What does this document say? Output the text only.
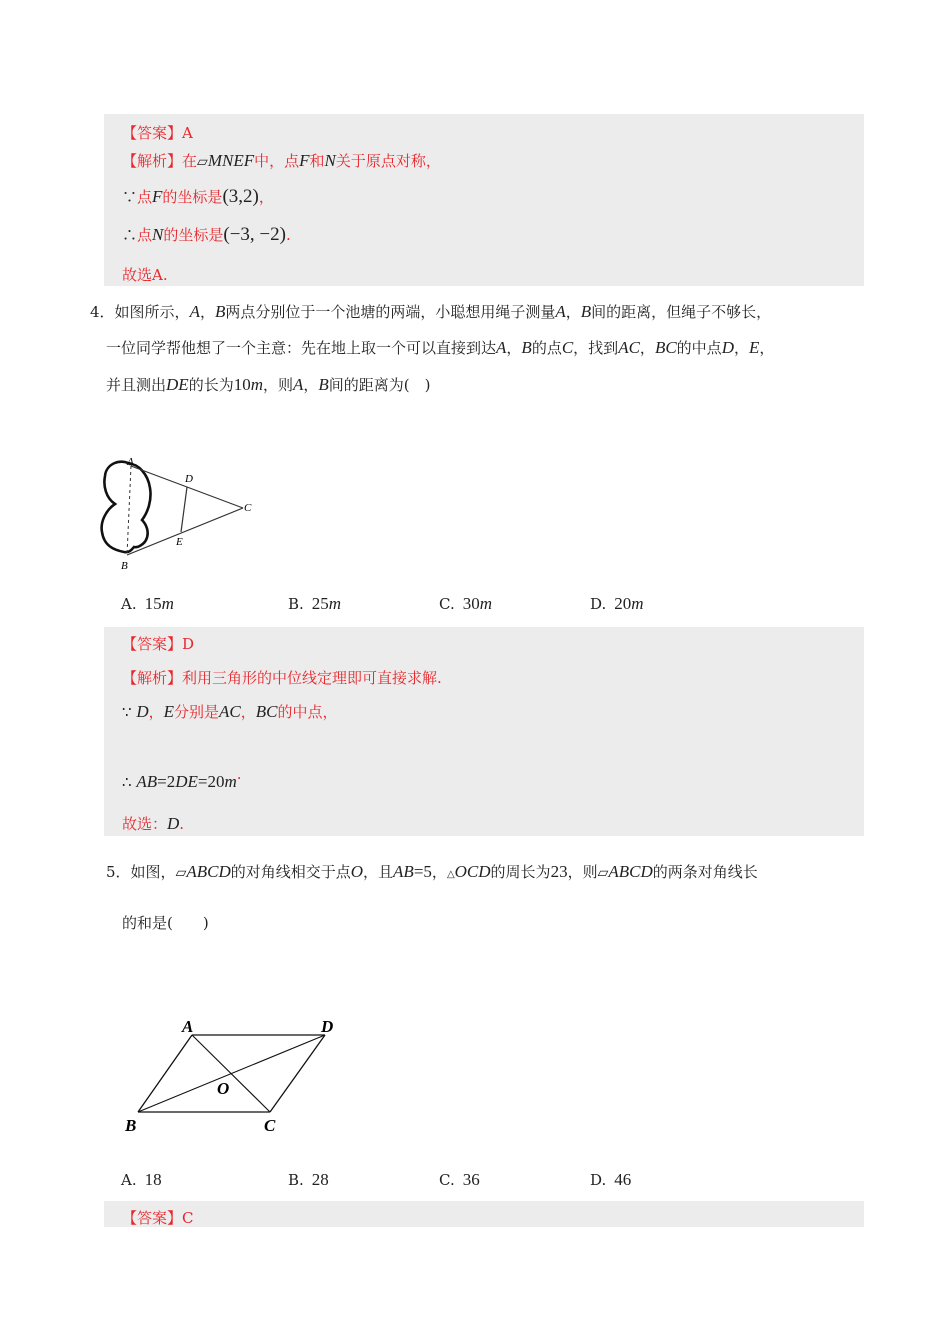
【答案】A
【解析】在▱MNEF中，点F和N关于原点对称，
∵点F的坐标是(3,2)，
∴点N的坐标是(−3, −2).
故选A.
4．如图所示，A，B两点分别位于一个池塘的两端，小聪想用绳子测量A，B间的距离，但绳子不够长，
一位同学帮他想了一个主意：先在地上取一个可以直接到达A，B的点C，找到AC，BC的中点D，E，
并且测出DE的长为10m，则A，B间的距离为(　)
A
B
C
D
E
A. 15m	B. 25m	C. 30m	D. 20m
【答案】D
【解析】利用三角形的中位线定理即可直接求解.
∵ D，E分别是AC，BC的中点，
∴ AB=2DE=20m.
故选：D.
5．如图，▱ABCD的对角线相交于点O，且AB=5，△OCD的周长为23，则▱ABCD的两条对角线长
的和是(　　)
A	D
B	C
O
A. 18	B. 28	C. 36	D. 46
【答案】C
